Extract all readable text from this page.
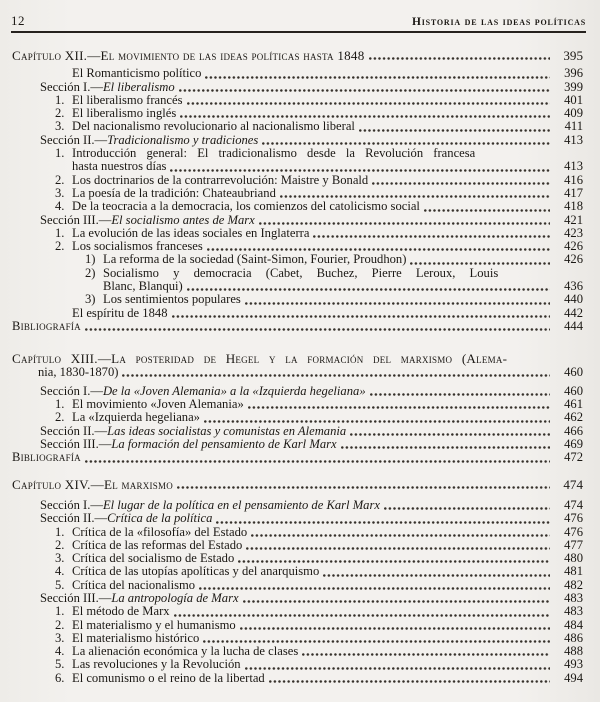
12	Historia de las ideas políticas
Capítulo XII.—El movimiento de las ideas políticas hasta 1848	395
El Romanticismo político	396
Sección I.— El liberalismo	399
1. El liberalismo francés	401
2. El liberalismo inglés	409
3. Del nacionalismo revolucionario al nacionalismo liberal	411
Sección II.— Tradicionalismo y tradiciones	413
1. Introducción general: El tradicionalismo desde la Revolución francesa
hasta nuestros días	413
2. Los doctrinarios de la contrarrevolución: Maistre y Bonald	416
3. La poesía de la tradición: Chateaubriand	417
4. De la teocracia a la democracia, los comienzos del catolicismo social	418
Sección III.— El socialismo antes de Marx	421
1. La evolución de las ideas sociales en Inglaterra	423
2. Los socialismos franceses	426
1) La reforma de la sociedad (Saint-Simon, Fourier, Proudhon)	426
2) Socialismo y democracia (Cabet, Buchez, Pierre Leroux, Louis
Blanc, Blanqui)	436
3) Los sentimientos populares	440
El espíritu de 1848	442
Bibliografía	444
Capítulo XIII.—La posteridad de Hegel y la formación del marxismo (Alema-
nia, 1830-1870)	460
Sección I.— De la «Joven Alemania» a la «Izquierda hegeliana»	460
1. El movimiento «Joven Alemania»	461
2. La «Izquierda hegeliana»	462
Sección II.— Las ideas socialistas y comunistas en Alemania	466
Sección III.— La formación del pensamiento de Karl Marx	469
Bibliografía	472
Capítulo XIV.—El marxismo	474
Sección I.— El lugar de la política en el pensamiento de Karl Marx	474
Sección II.— Crítica de la política	476
1. Crítica de la «filosofía» del Estado	476
2. Crítica de las reformas del Estado	477
3. Crítica del socialismo de Estado	480
4. Crítica de las utopías apolíticas y del anarquismo	481
5. Crítica del nacionalismo	482
Sección III.— La antropología de Marx	483
1. El método de Marx	483
2. El materialismo y el humanismo	484
3. El materialismo histórico	486
4. La alienación económica y la lucha de clases	488
5. Las revoluciones y la Revolución	493
6. El comunismo o el reino de la libertad	494
